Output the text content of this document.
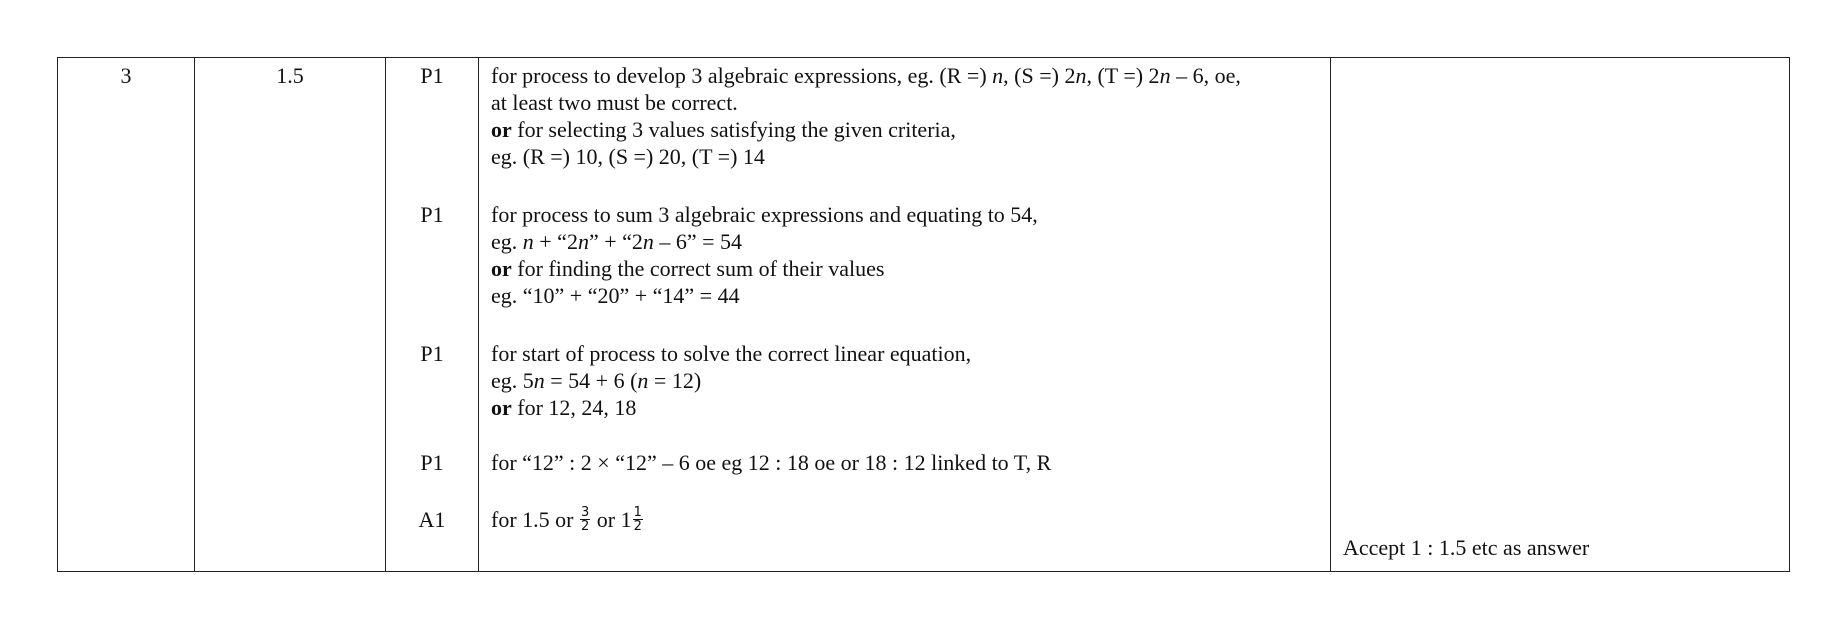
3	1.5	P1
P1
P1
P1
A1
for process to develop 3 algebraic expressions, eg. (R =) n, (S =) 2n, (T =) 2n – 6, oe,
at least two must be correct.
or for selecting 3 values satisfying the given criteria,
eg. (R =) 10, (S =) 20, (T =) 14
for process to sum 3 algebraic expressions and equating to 54,
eg. n + “2n” + “2n – 6” = 54
or for finding the correct sum of their values
eg. “10” + “20” + “14” = 44
for start of process to solve the correct linear equation,
eg. 5n = 54 + 6 (n = 12)
or for 12, 24, 18
for “12” : 2 × “12” – 6 oe eg 12 : 18 oe or 18 : 12 linked to T, R
for 1.5 or $\frac{3}{2}$ or $1 \frac{1}{2}$
Accept 1 : 1.5 etc as answer
